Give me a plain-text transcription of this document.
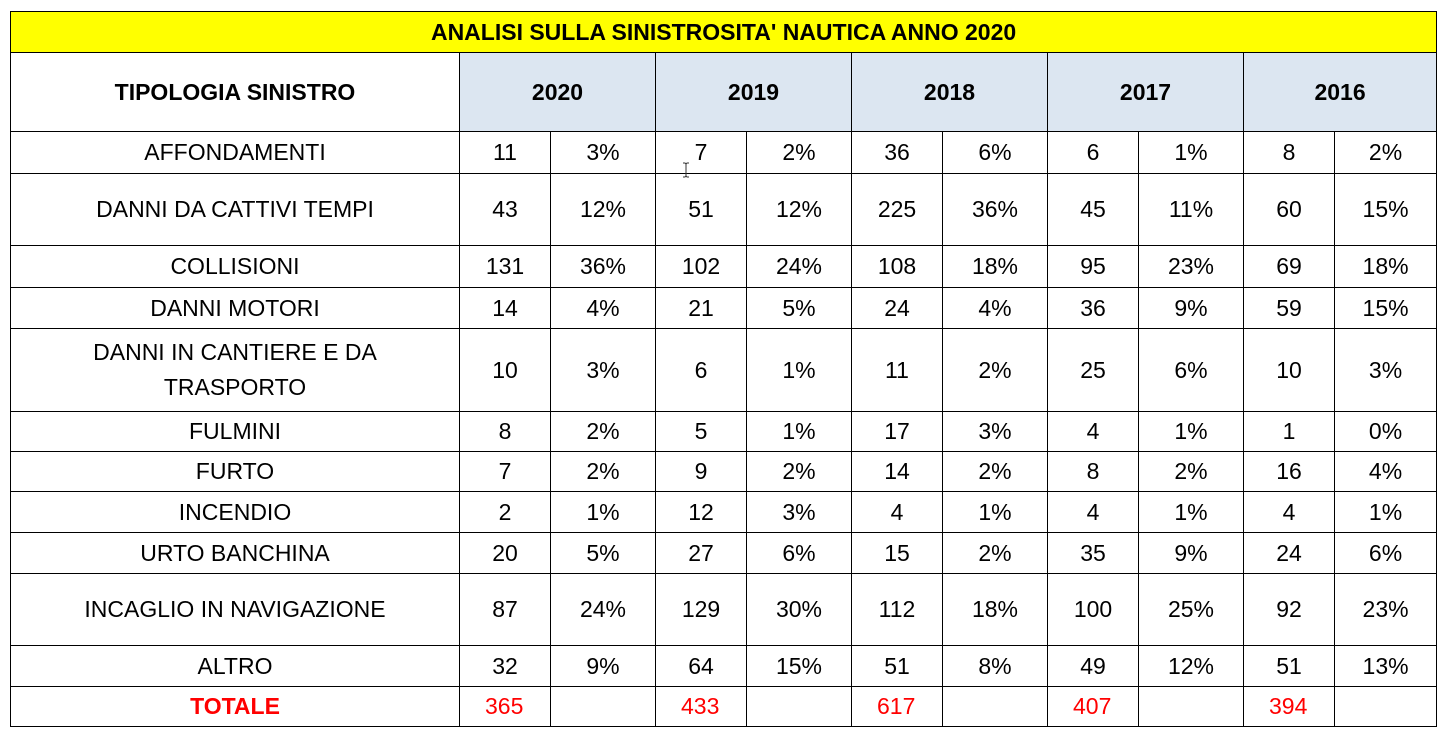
ANALISI SULLA SINISTROSITA' NAUTICA ANNO 2020										
TIPOLOGIA SINISTRO	2020		2019		2018		2017		2016	
AFFONDAMENTI	11	3%	7	2%	36	6%	6	1%	8	2%
DANNI DA CATTIVI TEMPI	43	12%	51	12%	225	36%	45	11%	60	15%
COLLISIONI	131	36%	102	24%	108	18%	95	23%	69	18%
DANNI MOTORI	14	4%	21	5%	24	4%	36	9%	59	15%
DANNI IN CANTIERE E DA TRASPORTO	10	3%	6	1%	11	2%	25	6%	10	3%
FULMINI	8	2%	5	1%	17	3%	4	1%	1	0%
FURTO	7	2%	9	2%	14	2%	8	2%	16	4%
INCENDIO	2	1%	12	3%	4	1%	4	1%	4	1%
URTO BANCHINA	20	5%	27	6%	15	2%	35	9%	24	6%
INCAGLIO IN NAVIGAZIONE	87	24%	129	30%	112	18%	100	25%	92	23%
ALTRO	32	9%	64	15%	51	8%	49	12%	51	13%
TOTALE	365		433		617		407		394	
